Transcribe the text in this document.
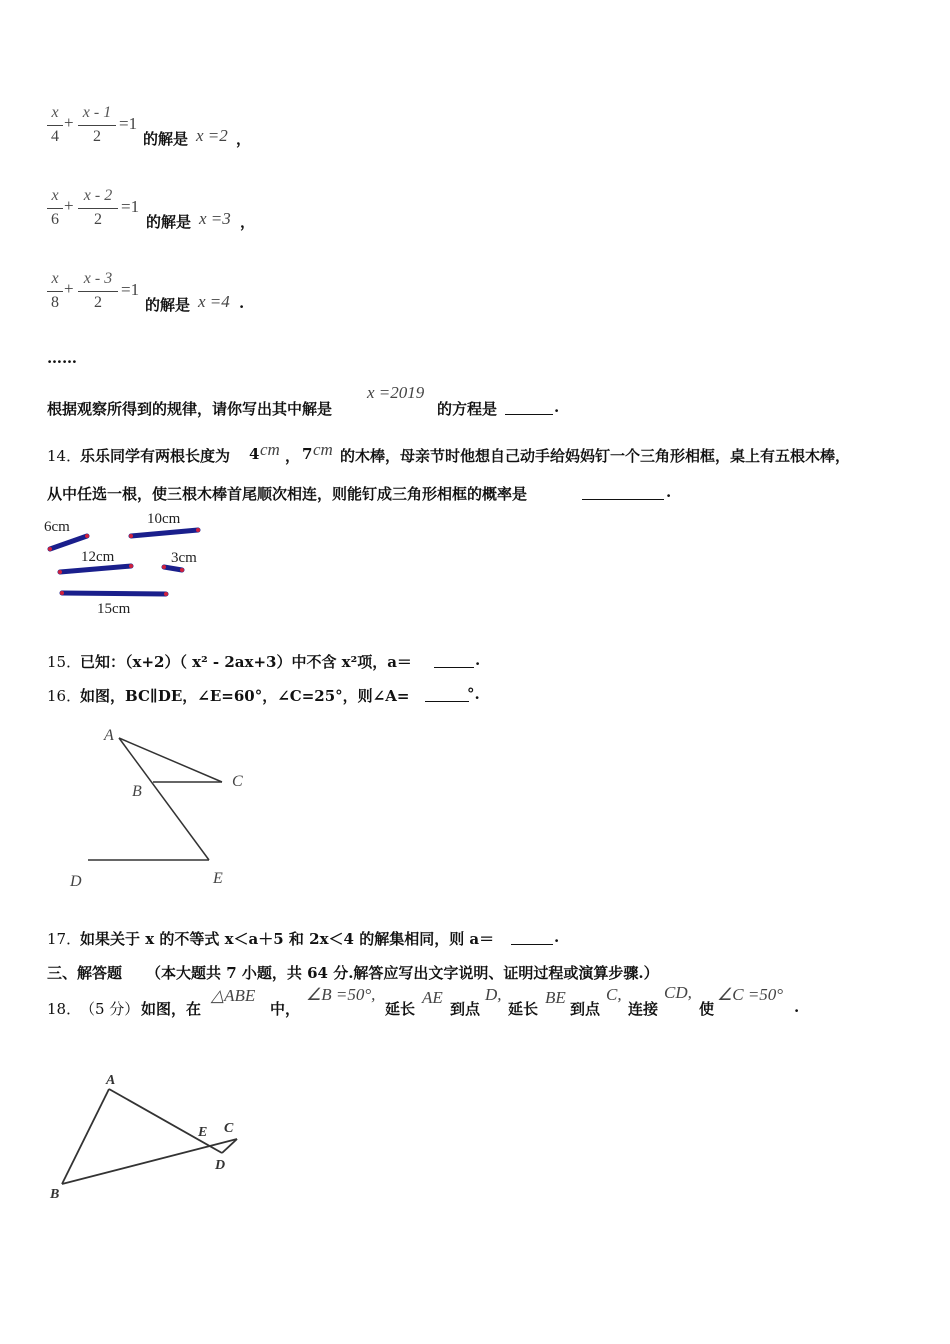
x
4
+
x - 1
2
=1
的解是 x =2 ，
x
6
+
x - 2
2
=1
的解是 x =3 ，
x
8
+
x - 3
2
=1
的解是 x =4 .
……
根据观察所得到的规律，请你写出其中解是
x =2019
的方程是	.
14．
乐乐同学有两根长度为 4 cm ， 7 cm 的木棒，母亲节时他想自己动手给妈妈钉一个三角形相框，桌上有五根木棒，
从中任选一根，使三根木棒首尾顺次相连，则能钉成三角形相框的概率是	.
6cm	10cm
12cm	3cm
15cm
15．
已知：（x+2）（ x² - 2ax+3）中不含 x²项，a＝	.
16．
如图，BC∥DE，∠E=60°，∠C=25°，则∠A=	°.
A
B
C
D	E
17．
如果关于 x 的不等式 x＜a＋5 和 2x＜4 的解集相同，则 a＝	.
三、解答题 （本大题共 7 小题，共 64 分.解答应写出文字说明、证明过程或演算步骤.）
18．
（5 分） 如图，在
△ABE
中，
∠B =50°,
延长
AE
到点
D,
延长
BE
到点
C,
连接
CD,
使
∠C =50°
.
A
B
C
D
E
